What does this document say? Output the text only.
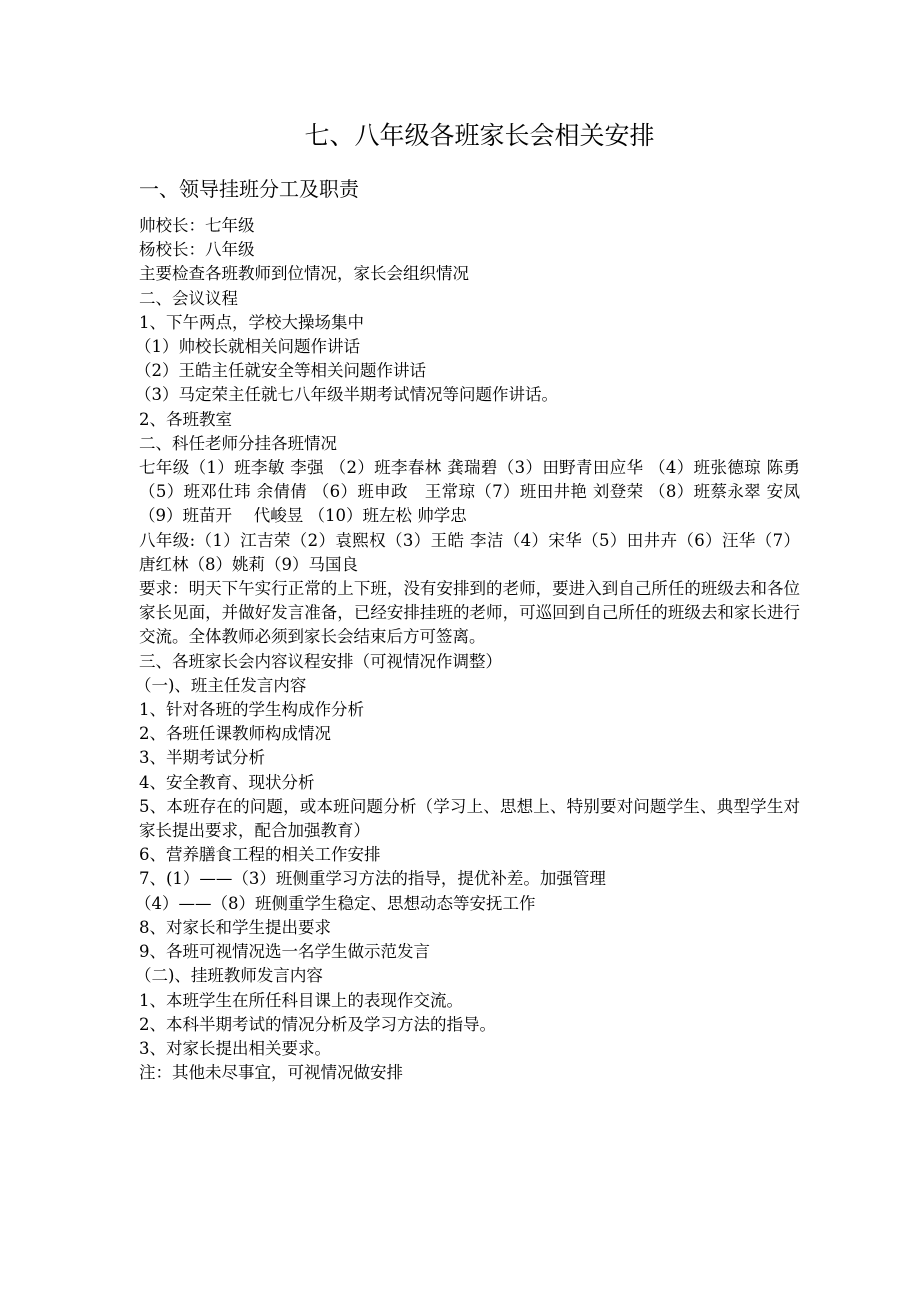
七、八年级各班家长会相关安排
一、领导挂班分工及职责
帅校长：七年级
杨校长：八年级
主要检查各班教师到位情况，家长会组织情况
二、会议议程
1、下午两点，学校大操场集中
（1）帅校长就相关问题作讲话
（2）王皓主任就安全等相关问题作讲话
（3）马定荣主任就七八年级半期考试情况等问题作讲话。
2、各班教室
二、科任老师分挂各班情况
七年级（1）班李敏 李强 （2）班李春林 龚瑞碧（3）田野青田应华 （4）班张德琼 陈勇 （5）班邓仕玮 余倩倩 （6）班申政　王常琼（7）班田井艳 刘登荣 （8）班蔡永翠 安凤 （9）班苗开　 代峻昱 （10）班左松 帅学忠
八年级:（1）江吉荣（2）袁熙权（3）王皓 李洁（4）宋华（5）田井卉（6）汪华（7）唐红林（8）姚莉（9）马国良
要求：明天下午实行正常的上下班，没有安排到的老师，要进入到自己所任的班级去和各位家长见面，并做好发言准备，已经安排挂班的老师，可巡回到自己所任的班级去和家长进行交流。全体教师必须到家长会结束后方可签离。
三、各班家长会内容议程安排（可视情况作调整）
（一)、班主任发言内容
1、针对各班的学生构成作分析
2、各班任课教师构成情况
3、半期考试分析
4、安全教育、现状分析
5、本班存在的问题，或本班问题分析（学习上、思想上、特别要对问题学生、典型学生对家长提出要求，配合加强教育）
6、营养膳食工程的相关工作安排
7、(1）——（3）班侧重学习方法的指导，提优补差。加强管理
（4）——（8）班侧重学生稳定、思想动态等安抚工作
8、对家长和学生提出要求
9、各班可视情况选一名学生做示范发言
（二)、挂班教师发言内容
1、本班学生在所任科目课上的表现作交流。
2、本科半期考试的情况分析及学习方法的指导。
3、对家长提出相关要求。
注：其他未尽事宜，可视情况做安排
